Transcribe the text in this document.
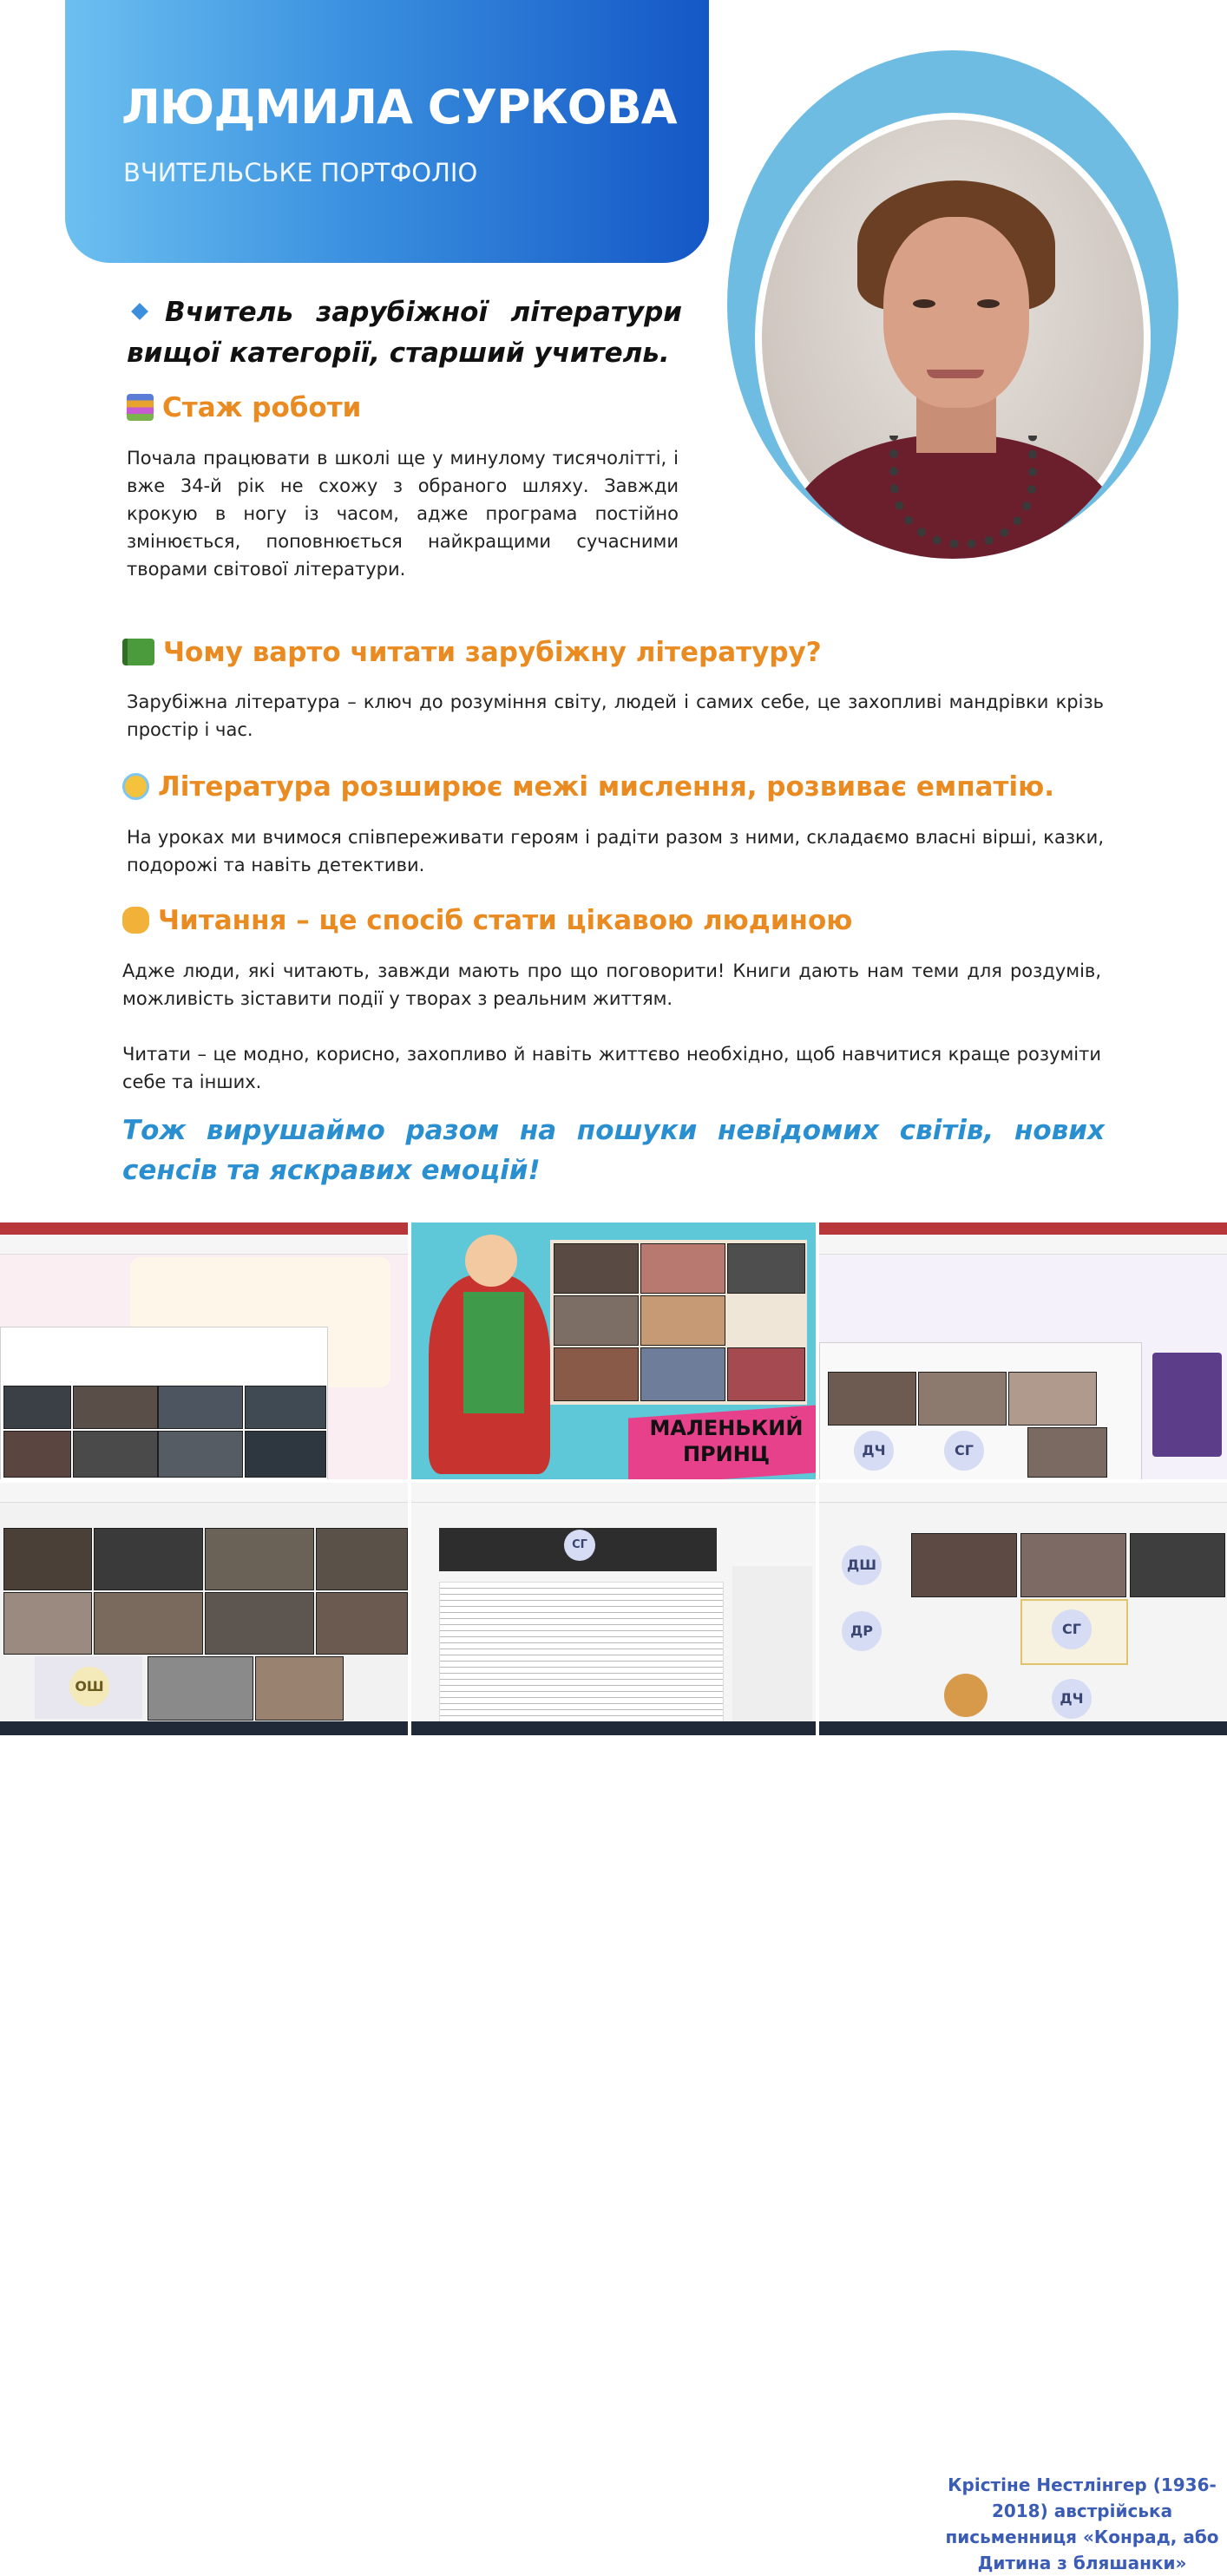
ЛЮДМИЛА СУРКОВА

ВЧИТЕЛЬСЬКЕ ПОРТФОЛІО

Вчитель зарубіжної літератури вищої категорії, старший учитель.

Стаж роботи

Почала працювати в школі ще у минулому тисячолітті, і вже 34-й рік не схожу з обраного шляху. Завжди крокую в ногу із часом, адже програма постійно змінюється, поповнюється найкращими сучасними творами світової літератури.

Чому варто читати зарубіжну літературу?

Зарубіжна література – ключ до розуміння світу, людей і самих себе, це захопливі мандрівки крізь простір і час.

Література розширює межі мислення, розвиває емпатію.

На уроках ми вчимося співпереживати героям і радіти разом з ними, складаємо власні вірші, казки, подорожі та навіть детективи.

Читання – це спосіб стати цікавою людиною

Адже люди, які читають, завжди мають про що поговорити! Книги дають нам теми для роздумів, можливість зіставити події у творах з реальним життям.

Читати – це модно, корисно, захопливо й навіть життєво необхідно, щоб навчитися краще розуміти себе та інших.

Тож вирушаймо разом на пошуки невідомих світів, нових сенсів та яскравих емоцій!

ДЧ	СГ
Крістіне Нестлінгер (1936-2018) австрійська письменниця «Конрад, або Дитина з бляшанки»
ОШ
СГ
ДШ
ДР	СГ
ДЧ
МАЛЕНЬКИЙ ПРИНЦ
